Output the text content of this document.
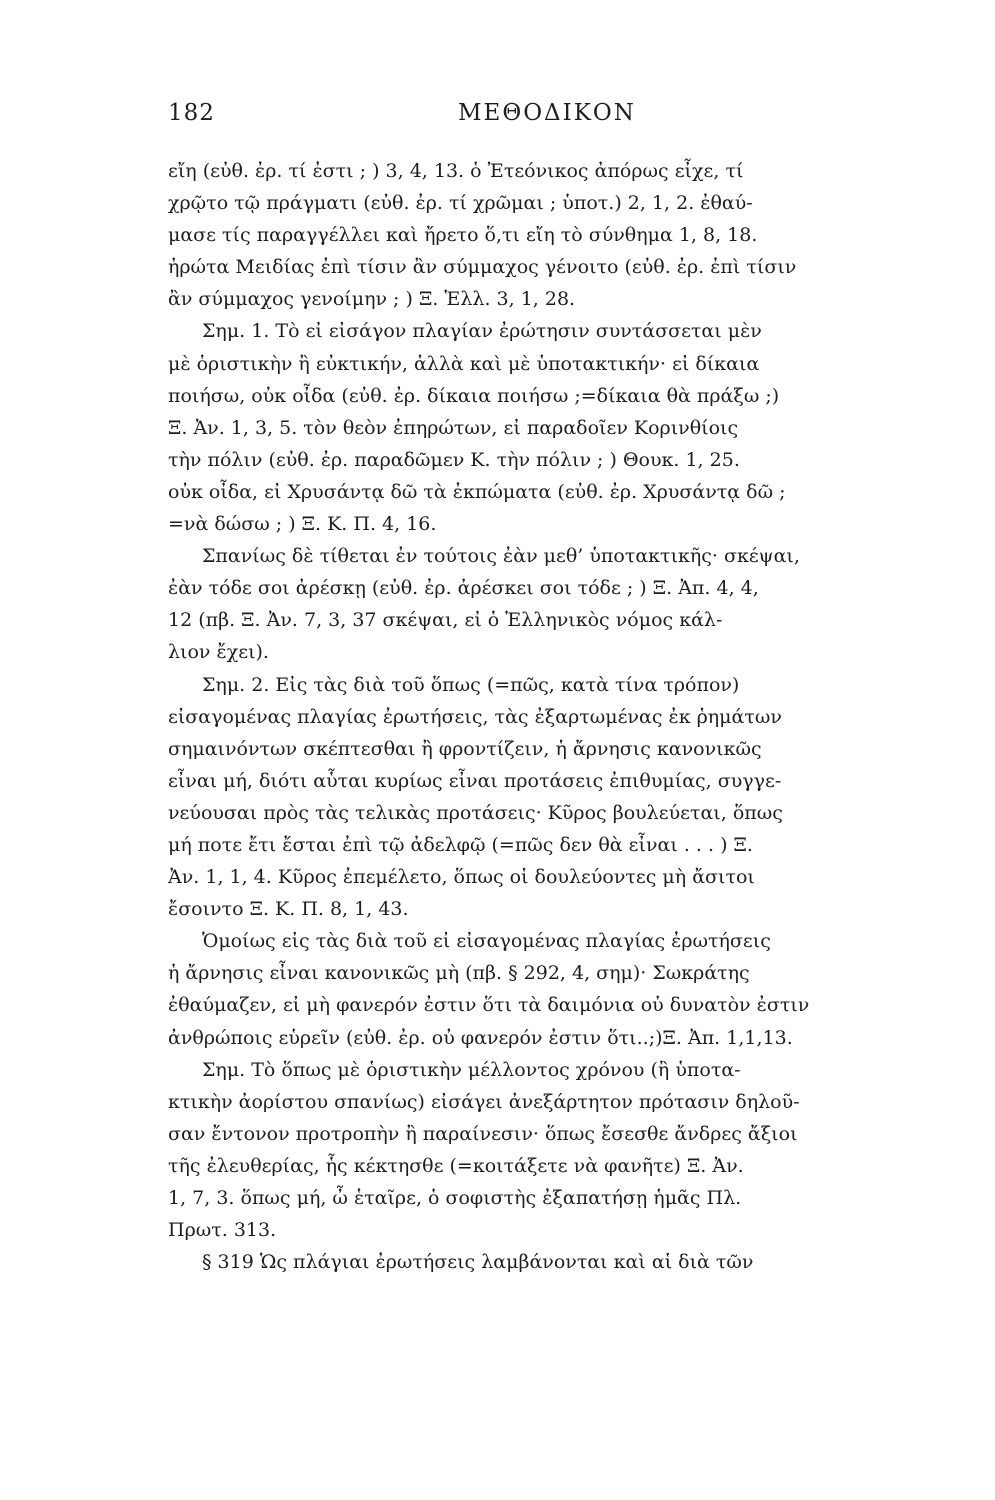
182	ΜΕΘΟΔΙΚΟΝ
εἴη (εὐθ. ἐρ. τί ἐστι ; ) 3, 4, 13. ὁ Ἐτεόνικος ἀπόρως εἶχε, τί
χρῷτο τῷ πράγματι (εὐθ. ἐρ. τί χρῶμαι ; ὑποτ.) 2, 1, 2. ἐθαύ-
μασε τίς παραγγέλλει καὶ ἤρετο ὅ,τι εἴη τὸ σύνθημα 1, 8, 18.
ἠρώτα Μειδίας ἐπὶ τίσιν ἂν σύμμαχος γένοιτο (εὐθ. ἐρ. ἐπὶ τίσιν
ἂν σύμμαχος γενοίμην ; ) Ξ. Ἑλλ. 3, 1, 28.
Σημ. 1. Τὸ εἰ εἰσάγον πλαγίαν ἐρώτησιν συντάσσεται μὲν
μὲ ὁριστικὴν ἢ εὐκτικήν, ἀλλὰ καὶ μὲ ὑποτακτικήν· εἰ δίκαια
ποιήσω, οὐκ οἶδα (εὐθ. ἐρ. δίκαια ποιήσω ;=δίκαια θὰ πράξω ;)
Ξ. Ἀν. 1, 3, 5. τὸν θεὸν ἐπηρώτων, εἰ παραδοῖεν Κορινθίοις
τὴν πόλιν (εὐθ. ἐρ. παραδῶμεν Κ. τὴν πόλιν ; ) Θουκ. 1, 25.
οὐκ οἶδα, εἰ Χρυσάντᾳ δῶ τὰ ἐκπώματα (εὐθ. ἐρ. Χρυσάντᾳ δῶ ;
=νὰ δώσω ; ) Ξ. Κ. Π. 4, 16.
Σπανίως δὲ τίθεται ἐν τούτοις ἐὰν μεθ’ ὑποτακτικῆς· σκέψαι,
ἐὰν τόδε σοι ἀρέσκῃ (εὐθ. ἐρ. ἀρέσκει σοι τόδε ; ) Ξ. Ἀπ. 4, 4,
12 (πβ. Ξ. Ἀν. 7, 3, 37 σκέψαι, εἰ ὁ Ἑλληνικὸς νόμος κάλ-
λιον ἔχει).
Σημ. 2. Εἰς τὰς διὰ τοῦ ὅπως (=πῶς, κατὰ τίνα τρόπον)
εἰσαγομένας πλαγίας ἐρωτήσεις, τὰς ἐξαρτωμένας ἐκ ῥημάτων
σημαινόντων σκέπτεσθαι ἢ φροντίζειν, ἡ ἄρνησις κανονικῶς
εἶναι μή, διότι αὗται κυρίως εἶναι προτάσεις ἐπιθυμίας, συγγε-
νεύουσαι πρὸς τὰς τελικὰς προτάσεις· Κῦρος βουλεύεται, ὅπως
μή ποτε ἔτι ἔσται ἐπὶ τῷ ἀδελφῷ (=πῶς δεν θὰ εἶναι . . . ) Ξ.
Ἀν. 1, 1, 4. Κῦρος ἐπεμέλετο, ὅπως οἱ δουλεύοντες μὴ ἄσιτοι
ἔσοιντο Ξ. Κ. Π. 8, 1, 43.
Ὁμοίως εἰς τὰς διὰ τοῦ εἰ εἰσαγομένας πλαγίας ἐρωτήσεις
ἡ ἄρνησις εἶναι κανονικῶς μὴ (πβ. § 292, 4, σημ)· Σωκράτης
ἐθαύμαζεν, εἰ μὴ φανερόν ἐστιν ὅτι τὰ δαιμόνια οὐ δυνατὸν ἐστιν
ἀνθρώποις εὑρεῖν (εὐθ. ἐρ. οὐ φανερόν ἐστιν ὅτι..;)Ξ. Ἀπ. 1,1,13.
Σημ. Τὸ ὅπως μὲ ὁριστικὴν μέλλοντος χρόνου (ἢ ὑποτα-
κτικὴν ἀορίστου σπανίως) εἰσάγει ἀνεξάρτητον πρότασιν δηλοῦ-
σαν ἔντονον προτροπὴν ἢ παραίνεσιν· ὅπως ἔσεσθε ἄνδρες ἄξιοι
τῆς ἐλευθερίας, ἧς κέκτησθε (=κοιτάξετε νὰ φανῆτε) Ξ. Ἀν.
1, 7, 3. ὅπως μή, ὦ ἑταῖρε, ὁ σοφιστὴς ἐξαπατήσῃ ἡμᾶς Πλ.
Πρωτ. 313.
§ 319 Ὡς πλάγιαι ἐρωτήσεις λαμβάνονται καὶ αἱ διὰ τῶν
